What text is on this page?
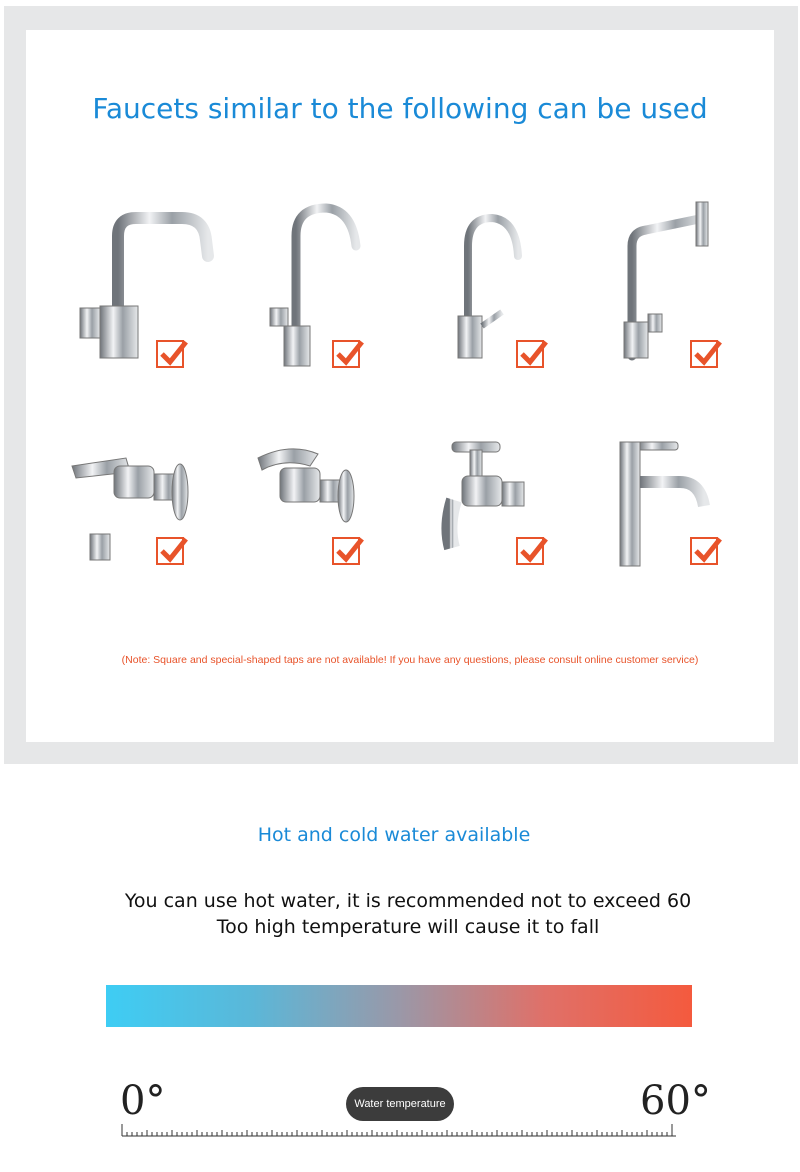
Faucets similar to the following can be used
(Note: Square and special-shaped taps are not available! If you have any questions, please consult online customer service)
Hot and cold water available
You can use hot water, it is recommended not to exceed 60
Too high temperature will cause it to fall
0°	60°
Water temperature
